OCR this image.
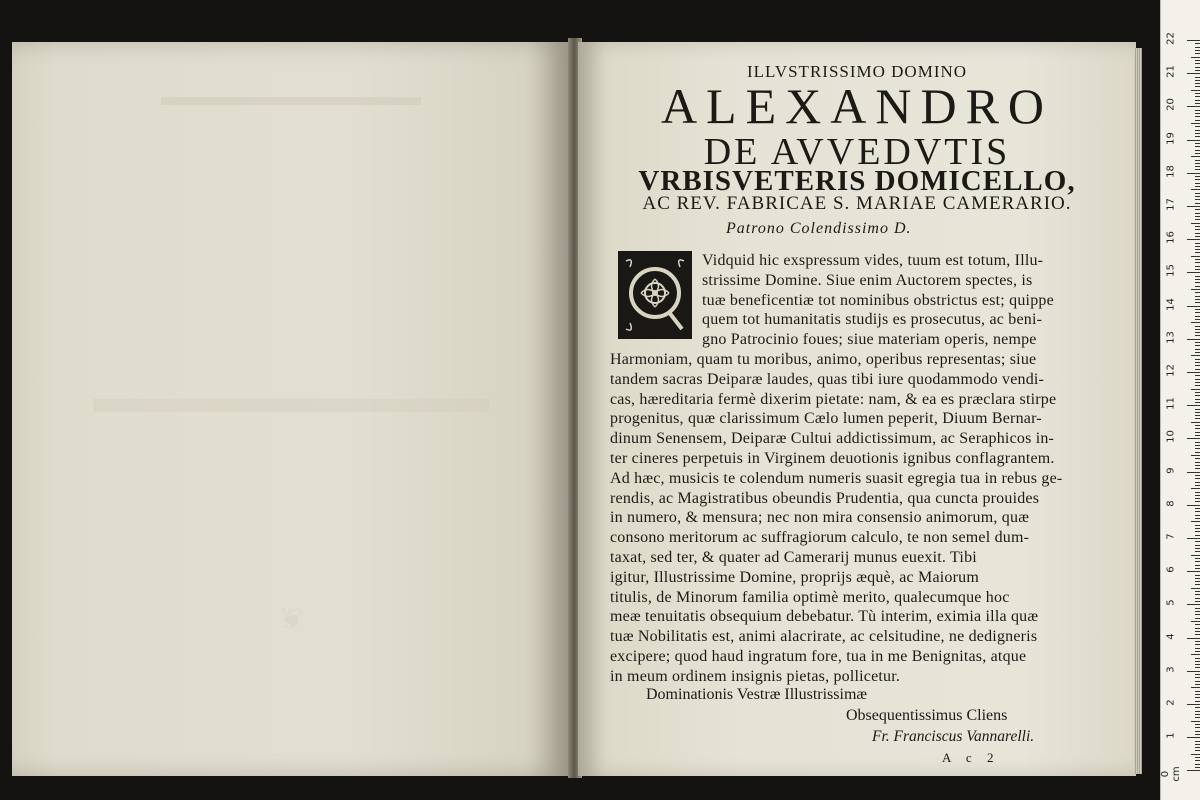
▬▬▬▬▬▬▬▬▬▬
▬▬▬▬▬▬▬▬▬
❦
ILLVSTRISSIMO DOMINO
ALEXANDRO
DE AVVEDVTIS
VRBISVETERIS DOMICELLO,
AC REV. FABRICAE S. MARIAE CAMERARIO.
Patrono Colendissimo D.
Vidquid hic exspressum vides, tuum est totum, Illu-
strissime Domine. Siue enim Auctorem spectes, is
tuæ beneficentiæ tot nominibus obstrictus est; quippe
quem tot humanitatis studijs es prosecutus, ac beni-
gno Patrocinio foues; siue materiam operis, nempe
Harmoniam, quam tu moribus, animo, operibus representas; siue
tandem sacras Deiparæ laudes, quas tibi iure quodammodo vendi-
cas, hæreditaria fermè dixerim pietate: nam, & ea es præclara stirpe
progenitus, quæ clarissimum Cælo lumen peperit, Diuum Bernar-
dinum Senensem, Deiparæ Cultui addictissimum, ac Seraphicos in-
ter cineres perpetuis in Virginem deuotionis ignibus conflagrantem.
Ad hæc, musicis te colendum numeris suasit egregia tua in rebus ge-
rendis, ac Magistratibus obeundis Prudentia, qua cuncta prouides
in numero, & mensura; nec non mira consensio animorum, quæ
consono meritorum ac suffragiorum calculo, te non semel dum-
taxat, sed ter, & quater ad Camerarij munus euexit. Tibi
igitur, Illustrissime Domine, proprijs æquè, ac Maiorum
titulis, de Minorum familia optimè merito, qualecumque hoc
meæ tenuitatis obsequium debebatur. Tù interim, eximia illa quæ
tuæ Nobilitatis est, animi alacrirate, ac celsitudine, ne dedigneris
excipere; quod haud ingratum fore, tua in me Benignitas, atque
in meum ordinem insignis pietas, pollicetur.
Dominationis Vestræ Illustrissimæ
Obsequentissimus Cliens
Fr. Franciscus Vannarelli.
A c 2
22
21
20
19
18
17
16
15
14
13
12
11
10
9
8
7
6
5
4
3
2
1
0 cm
